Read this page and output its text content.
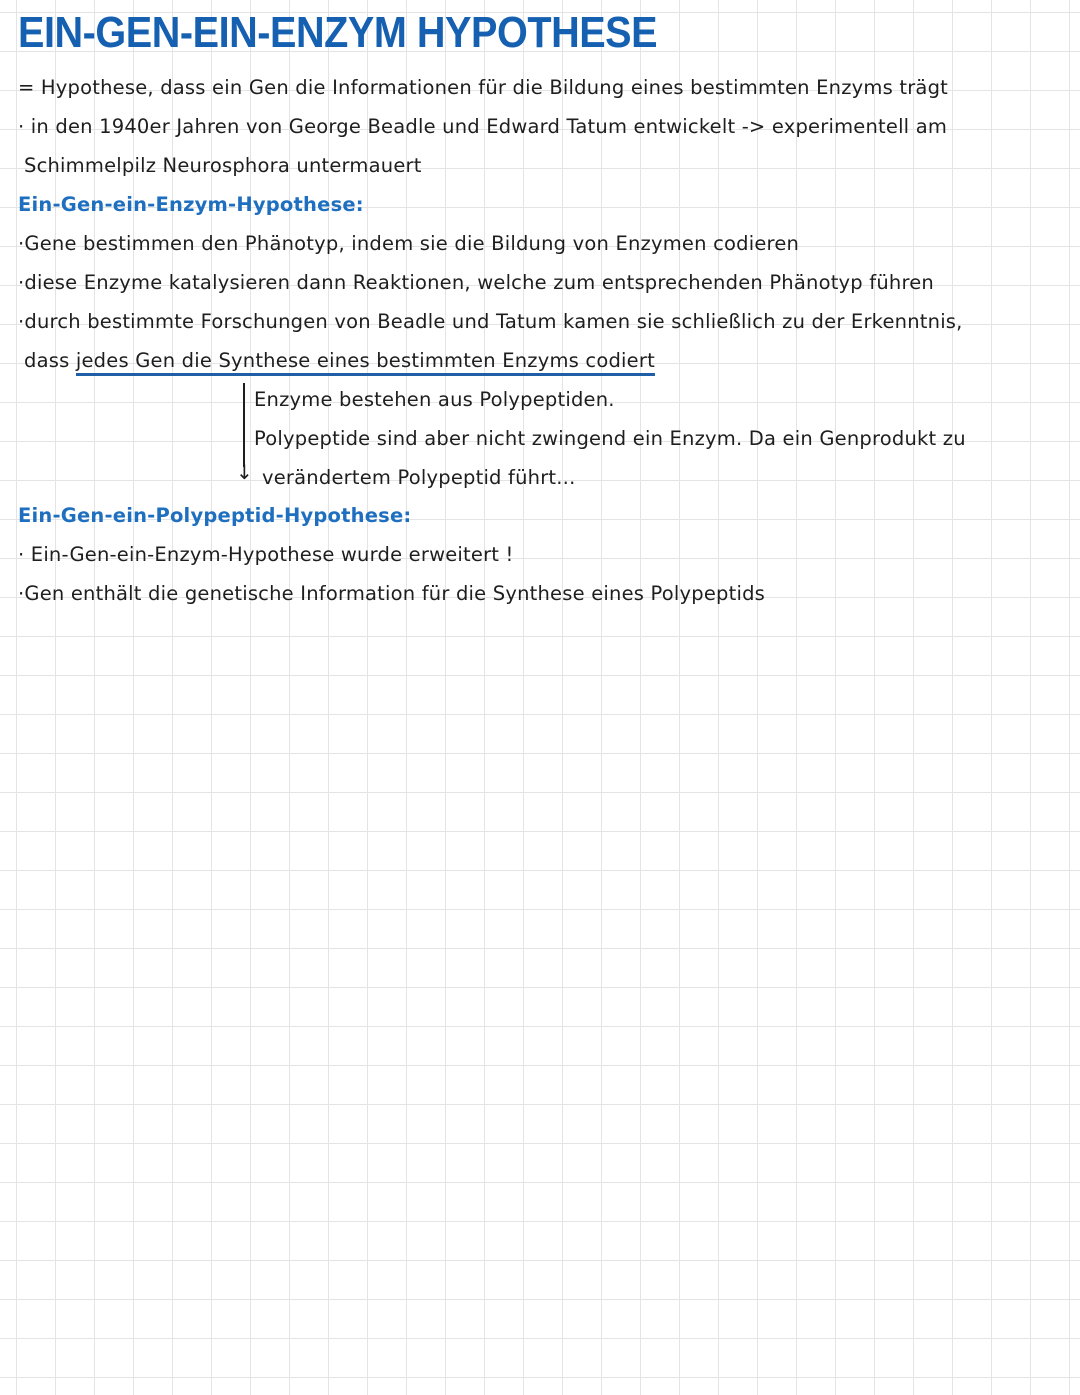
EIN-GEN-EIN-ENZYM HYPOTHESE
= Hypothese, dass ein Gen die Informationen für die Bildung eines bestimmten Enzyms trägt
· in den 1940er Jahren von George Beadle und Edward Tatum entwickelt -> experimentell am
Schimmelpilz Neurosphora untermauert
Ein-Gen-ein-Enzym-Hypothese:
·Gene bestimmen den Phänotyp, indem sie die Bildung von Enzymen codieren
·diese Enzyme katalysieren dann Reaktionen, welche zum entsprechenden Phänotyp führen
·durch bestimmte Forschungen von Beadle und Tatum kamen sie schließlich zu der Erkenntnis,
dass jedes Gen die Synthese eines bestimmten Enzyms codiert
↓
Enzyme bestehen aus Polypeptiden.
Polypeptide sind aber nicht zwingend ein Enzym. Da ein Genprodukt zu
verändertem Polypeptid führt...
Ein-Gen-ein-Polypeptid-Hypothese:
· Ein-Gen-ein-Enzym-Hypothese wurde erweitert !
·Gen enthält die genetische Information für die Synthese eines Polypeptids
